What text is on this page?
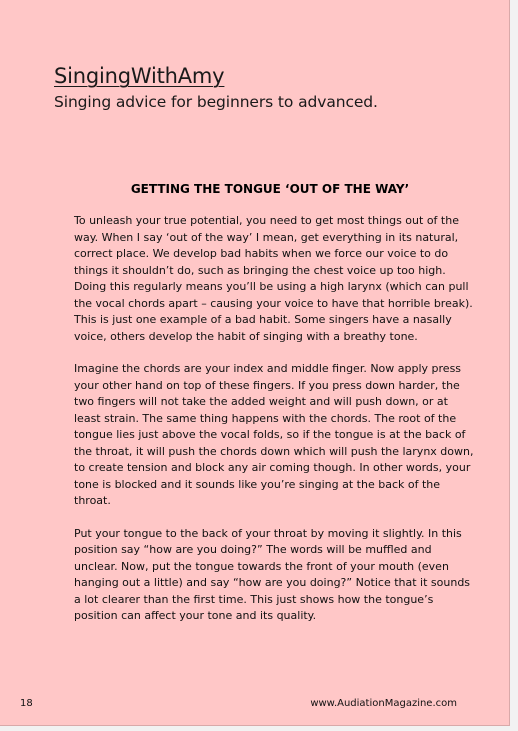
SingingWithAmy
Singing advice for beginners to advanced.
GETTING THE TONGUE ‘OUT OF THE WAY’

To unleash your true potential, you need to get most things out of the way. When I say ‘out of the way’ I mean, get everything in its natural, correct place. We develop bad habits when we force our voice to do things it shouldn’t do, such as bringing the chest voice up too high. Doing this regularly means you’ll be using a high larynx (which can pull the vocal chords apart – causing your voice to have that horrible break). This is just one example of a bad habit. Some singers have a nasally voice, others develop the habit of singing with a breathy tone.

Imagine the chords are your index and middle finger. Now apply press your other hand on top of these fingers. If you press down harder, the two fingers will not take the added weight and will push down, or at least strain. The same thing happens with the chords. The root of the tongue lies just above the vocal folds, so if the tongue is at the back of the throat, it will push the chords down which will push the larynx down, to create tension and block any air coming though. In other words, your tone is blocked and it sounds like you’re singing at the back of the throat.

Put your tongue to the back of your throat by moving it slightly. In this position say “how are you doing?” The words will be muffled and unclear. Now, put the tongue towards the front of your mouth (even hanging out a little) and say “how are you doing?” Notice that it sounds a lot clearer than the first time. This just shows how the tongue’s position can affect your tone and its quality.

18	www.AudiationMagazine.com
